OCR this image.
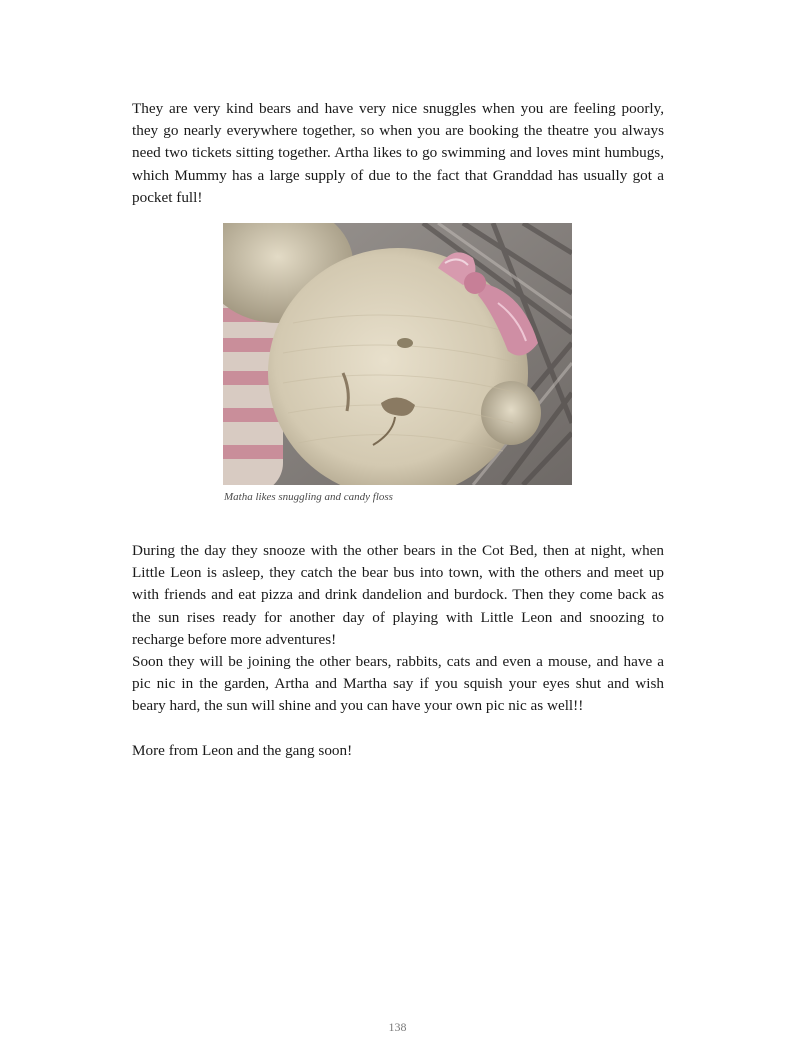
They are very kind bears and have very nice snuggles when you are feeling poorly, they go nearly everywhere together, so when you are booking the theatre you always need two tickets sitting together. Artha likes to go swimming and loves mint humbugs, which Mummy has a large supply of due to the fact that Granddad has usually got a pocket full!

Matha likes snuggling and candy floss

During the day they snooze with the other bears in the Cot Bed, then at night, when Little Leon is asleep, they catch the bear bus into town, with the others and meet up with friends and eat pizza and drink dandelion and burdock. Then they come back as the sun rises ready for another day of playing with Little Leon and snoozing to recharge before more adventures!

Soon they will be joining the other bears, rabbits, cats and even a mouse, and have a pic nic in the garden, Artha and Martha say if you squish your eyes shut and wish beary hard, the sun will shine and you can have your own pic nic as well!!

More from Leon and the gang soon!

138
